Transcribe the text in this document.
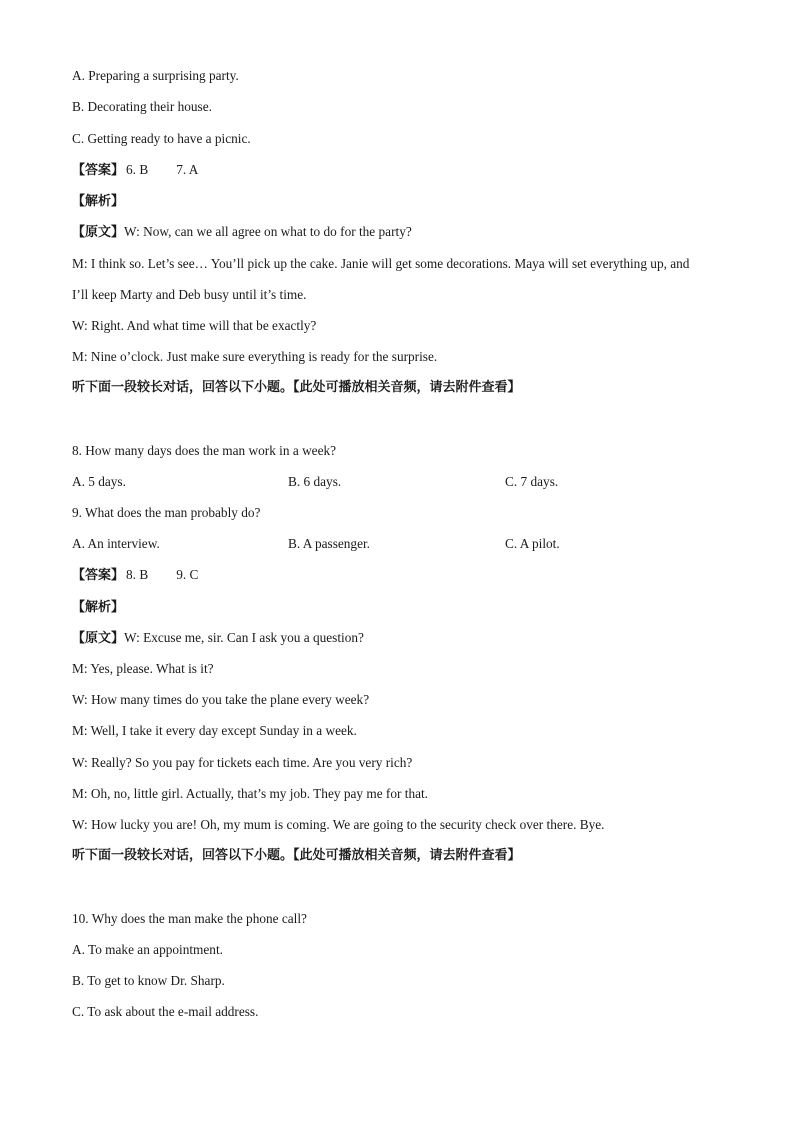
A. Preparing a surprising party.
B. Decorating their house.
C. Getting ready to have a picnic.
【答案】 6. B 7. A
【解析】
【原文】W: Now, can we all agree on what to do for the party?
M: I think so. Let’s see… You’ll pick up the cake. Janie will get some decorations. Maya will set everything up, and
I’ll keep Marty and Deb busy until it’s time.
W: Right. And what time will that be exactly?
M: Nine o’clock. Just make sure everything is ready for the surprise.
听下面一段较长对话，回答以下小题。【此处可播放相关音频，请去附件查看】
8. How many days does the man work in a week?
A. 5 days.	B. 6 days.	C. 7 days.
9. What does the man probably do?
A. An interview.	B. A passenger.	C. A pilot.
【答案】 8. B 9. C
【解析】
【原文】W: Excuse me, sir. Can I ask you a question?
M: Yes, please. What is it?
W: How many times do you take the plane every week?
M: Well, I take it every day except Sunday in a week.
W: Really? So you pay for tickets each time. Are you very rich?
M: Oh, no, little girl. Actually, that’s my job. They pay me for that.
W: How lucky you are! Oh, my mum is coming. We are going to the security check over there. Bye.
听下面一段较长对话，回答以下小题。【此处可播放相关音频，请去附件查看】
10. Why does the man make the phone call?
A. To make an appointment.
B. To get to know Dr. Sharp.
C. To ask about the e-mail address.
